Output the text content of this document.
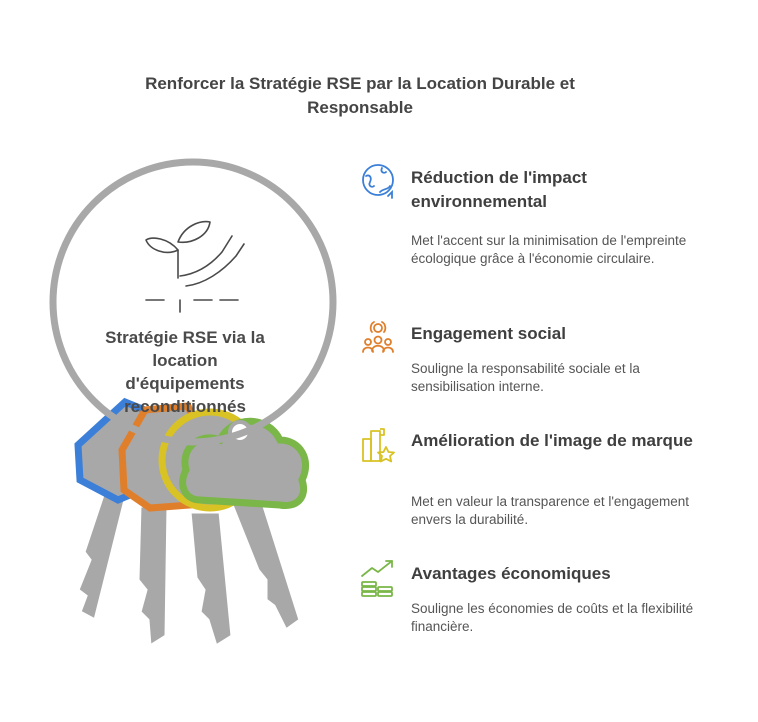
Renforcer la Stratégie RSE par la Location Durable et Responsable
Stratégie RSE via la location d'équipements reconditionnés
Réduction de l'impact environnemental
Met l'accent sur la minimisation de l'empreinte écologique grâce à l'économie circulaire.
Engagement social
Souligne la responsabilité sociale et la sensibilisation interne.
Amélioration de l'image de marque
Met en valeur la transparence et l'engagement envers la durabilité.
Avantages économiques
Souligne les économies de coûts et la flexibilité financière.
